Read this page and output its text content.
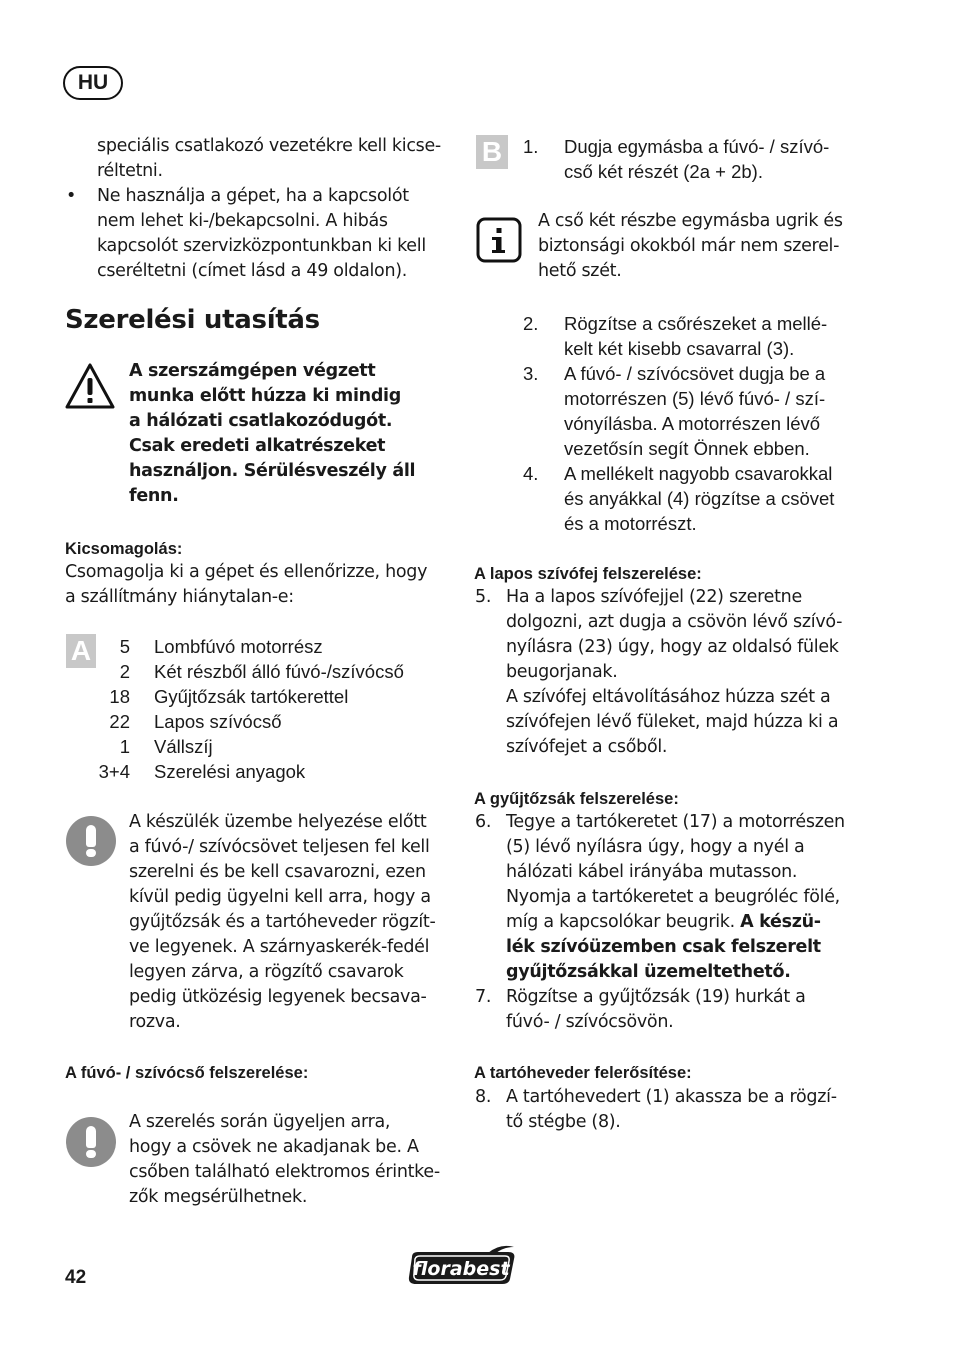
HU
speciális csatlakozó vezetékre kell kicse-
réltetni.
• Ne használja a gépet, ha a kapcsolót
nem lehet ki-/bekapcsolni. A hibás
kapcsolót szervizközpontunkban ki kell
cseréltetni (címet lásd a 49 oldalon).
Szerelési utasítás
A szerszámgépen végzett
munka előtt húzza ki mindig
a hálózati csatlakozódugót.
Csak eredeti alkatrészeket
használjon. Sérülésveszély áll
fenn.
Kicsomagolás:
Csomagolja ki a gépet és ellenőrizze, hogy
a szállítmány hiánytalan-e:
A	5 Lombfúvó motorrész
2 Két részből álló fúvó-/szívócső
18 Gyűjtőzsák tartókerettel
22 Lapos szívócső
1 Vállszíj
3+4 Szerelési anyagok
A készülék üzembe helyezése előtt
a fúvó-/ szívócsövet teljesen fel kell
szerelni és be kell csavarozni, ezen
kívül pedig ügyelni kell arra, hogy a
gyűjtőzsák és a tartóheveder rögzít-
ve legyenek. A szárnyaskerék-fedél
legyen zárva, a rögzítő csavarok
pedig ütközésig legyenek becsava-
rozva.
A fúvó- / szívócső felszerelése:
A szerelés során ügyeljen arra,
hogy a csövek ne akadjanak be. A
csőben található elektromos érintke-
zők megsérülhetnek.
B	1. Dugja egymásba a fúvó- / szívó-
cső két részét (2a + 2b).
A cső két részbe egymásba ugrik és
biztonsági okokból már nem szerel-
hető szét.
2. Rögzítse a csőrészeket a mellé-
kelt két kisebb csavarral (3).
3. A fúvó- / szívócsövet dugja be a
motorrészen (5) lévő fúvó- / szí-
vónyílásba. A motorrészen lévő
vezetősín segít Önnek ebben.
4. A mellékelt nagyobb csavarokkal
és anyákkal (4) rögzítse a csövet
és a motorrészt.
A lapos szívófej felszerelése:
5. Ha a lapos szívófejjel (22) szeretne
dolgozni, azt dugja a csövön lévő szívó-
nyílásra (23) úgy, hogy az oldalsó fülek
beugorjanak.
A szívófej eltávolításához húzza szét a
szívófejen lévő füleket, majd húzza ki a
szívófejet a csőből.
A gyűjtőzsák felszerelése:
6. Tegye a tartókeretet (17) a motorrészen
(5) lévő nyílásra úgy, hogy a nyél a
hálózati kábel irányába mutasson.
Nyomja a tartókeretet a beugróléc fölé,
míg a kapcsolókar beugrik. A készü-
lék szívóüzemben csak felszerelt
gyűjtőzsákkal üzemeltethető.
7. Rögzítse a gyűjtőzsák (19) hurkát a
fúvó- / szívócsövön.
A tartóheveder felerősítése:
8. A tartóhevedert (1) akassza be a rögzí-
tő stégbe (8).
42	florabest
